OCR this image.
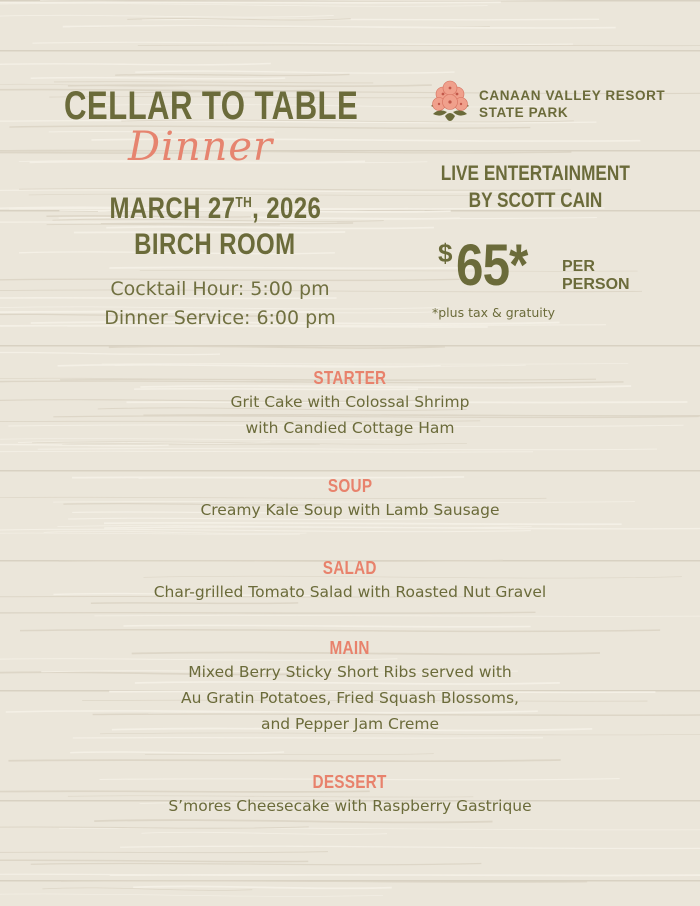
CELLAR TO TABLE
Dinner
MARCH 27TH, 2026
BIRCH ROOM
Cocktail Hour: 5:00 pm
Dinner Service: 6:00 pm
CANAAN VALLEY RESORT
STATE PARK
LIVE ENTERTAINMENT
BY SCOTT CAIN
$ 65* PER
PERSON
*plus tax & gratuity
STARTER
Grit Cake with Colossal Shrimp
with Candied Cottage Ham
SOUP
Creamy Kale Soup with Lamb Sausage
SALAD
Char-grilled Tomato Salad with Roasted Nut Gravel
MAIN
Mixed Berry Sticky Short Ribs served with
Au Gratin Potatoes, Fried Squash Blossoms,
and Pepper Jam Creme
DESSERT
S’mores Cheesecake with Raspberry Gastrique
